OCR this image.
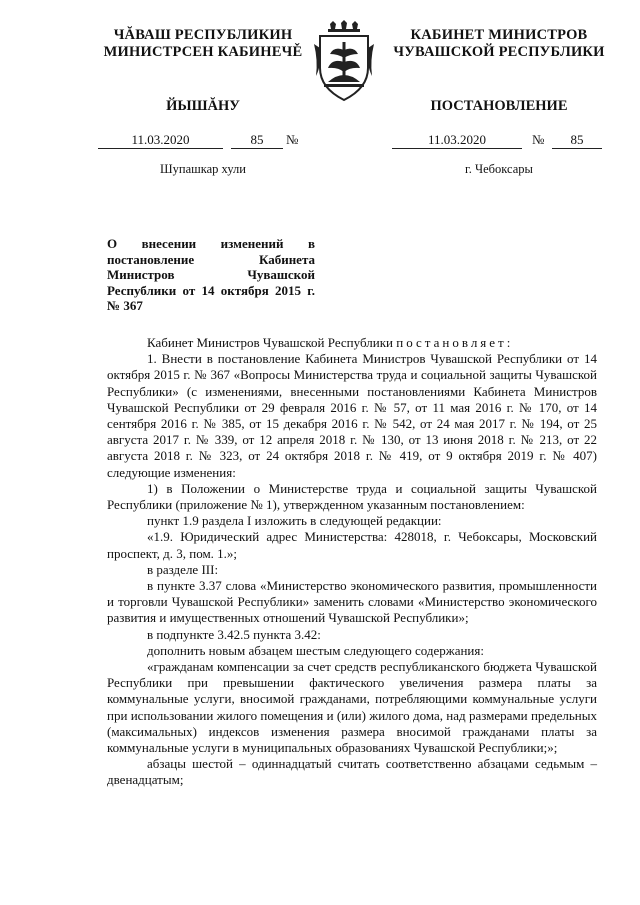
ЧĂВАШ РЕСПУБЛИКИН
МИНИСТРСЕН КАБИНЕЧĚ
ЙЫШĂНУ
КАБИНЕТ МИНИСТРОВ
ЧУВАШСКОЙ РЕСПУБЛИКИ
ПОСТАНОВЛЕНИЕ
11.03.2020	85	№	11.03.2020	№	85
Шупашкар хули	г. Чебоксары
О внесении изменений в постановление Кабинета Министров Чувашской Республики от 14 октября 2015 г. № 367

Кабинет Министров Чувашской Республики постановляет:

1. Внести в постановление Кабинета Министров Чувашской Республики от 14 октября 2015 г. № 367 «Вопросы Министерства труда и социальной защиты Чувашской Республики» (с изменениями, внесенными постановлениями Кабинета Министров Чувашской Республики от 29 февраля 2016 г. № 57, от 11 мая 2016 г. № 170, от 14 сентября 2016 г. № 385, от 15 декабря 2016 г. № 542, от 24 мая 2017 г. № 194, от 25 августа 2017 г. № 339, от 12 апреля 2018 г. № 130, от 13 июня 2018 г. № 213, от 22 августа 2018 г. № 323, от 24 октября 2018 г. № 419, от 9 октября 2019 г. № 407) следующие изменения:

1) в Положении о Министерстве труда и социальной защиты Чувашской Республики (приложение № 1), утвержденном указанным постановлением:

пункт 1.9 раздела I изложить в следующей редакции:

«1.9. Юридический адрес Министерства: 428018, г. Чебоксары, Московский проспект, д. 3, пом. 1.»;

в разделе III:

в пункте 3.37 слова «Министерство экономического развития, промышленности и торговли Чувашской Республики» заменить словами «Министерство экономического развития и имущественных отношений Чувашской Республики»;

в подпункте 3.42.5 пункта 3.42:

дополнить новым абзацем шестым следующего содержания:

«гражданам компенсации за счет средств республиканского бюджета Чувашской Республики при превышении фактического увеличения размера платы за коммунальные услуги, вносимой гражданами, потребляющими коммунальные услуги при использовании жилого помещения и (или) жилого дома, над размерами предельных (максимальных) индексов изменения размера вносимой гражданами платы за коммунальные услуги в муниципальных образованиях Чувашской Республики;»;

абзацы шестой – одиннадцатый считать соответственно абзацами седьмым – двенадцатым;
